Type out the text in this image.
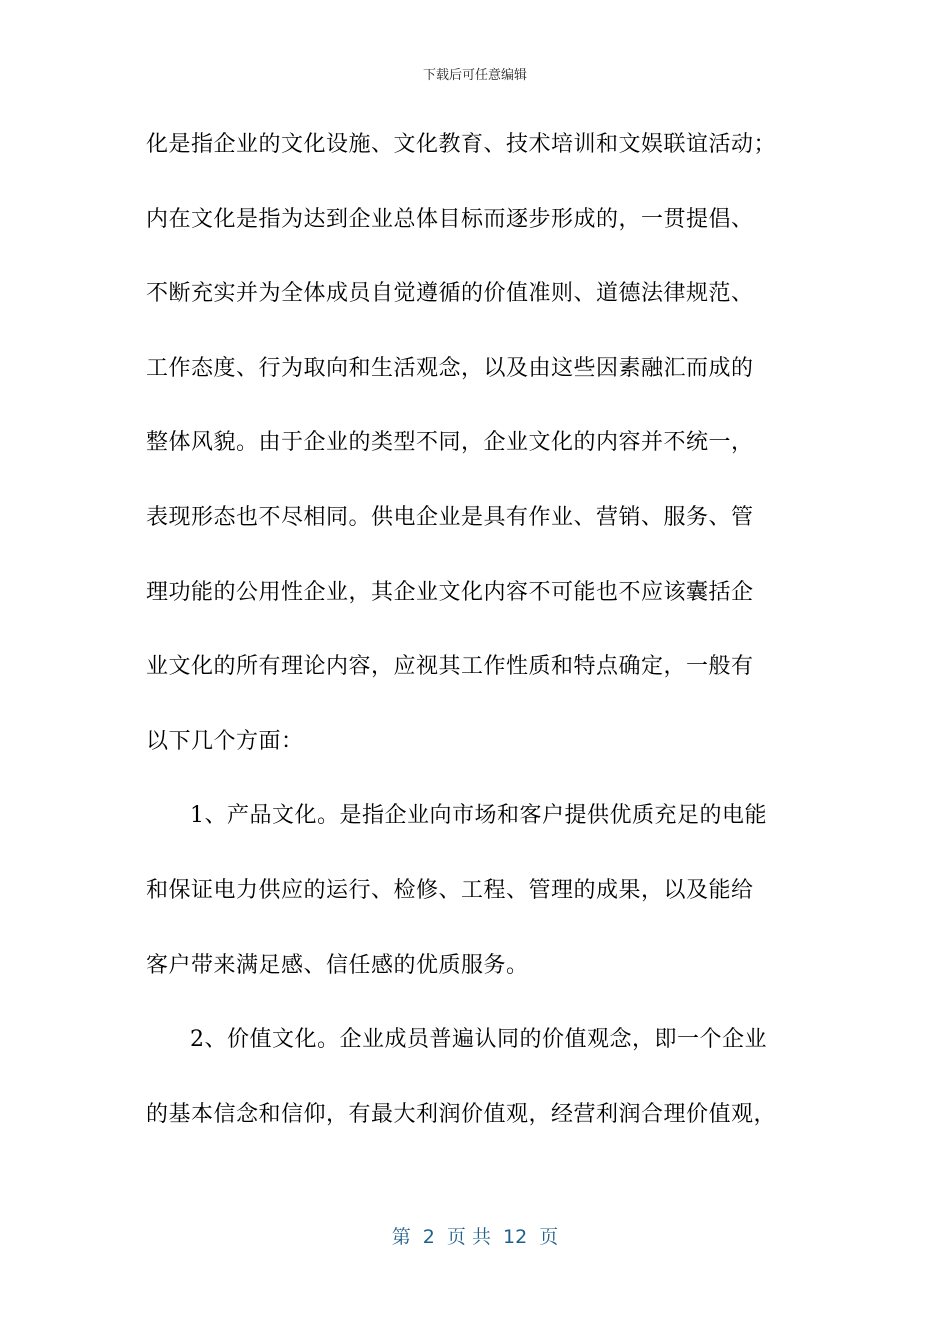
下载后可任意编辑
化是指企业的文化设施、文化教育、技术培训和文娱联谊活动；
内在文化是指为达到企业总体目标而逐步形成的，一贯提倡、
不断充实并为全体成员自觉遵循的价值准则、道德法律规范、
工作态度、行为取向和生活观念，以及由这些因素融汇而成的
整体风貌。由于企业的类型不同，企业文化的内容并不统一，
表现形态也不尽相同。供电企业是具有作业、营销、服务、管
理功能的公用性企业，其企业文化内容不可能也不应该囊括企
业文化的所有理论内容，应视其工作性质和特点确定，一般有
以下几个方面：
1、产品文化。是指企业向市场和客户提供优质充足的电能
和保证电力供应的运行、检修、工程、管理的成果，以及能给
客户带来满足感、信任感的优质服务。
2、价值文化。企业成员普遍认同的价值观念，即一个企业
的基本信念和信仰，有最大利润价值观，经营利润合理价值观，
第  2  页 共  12  页
